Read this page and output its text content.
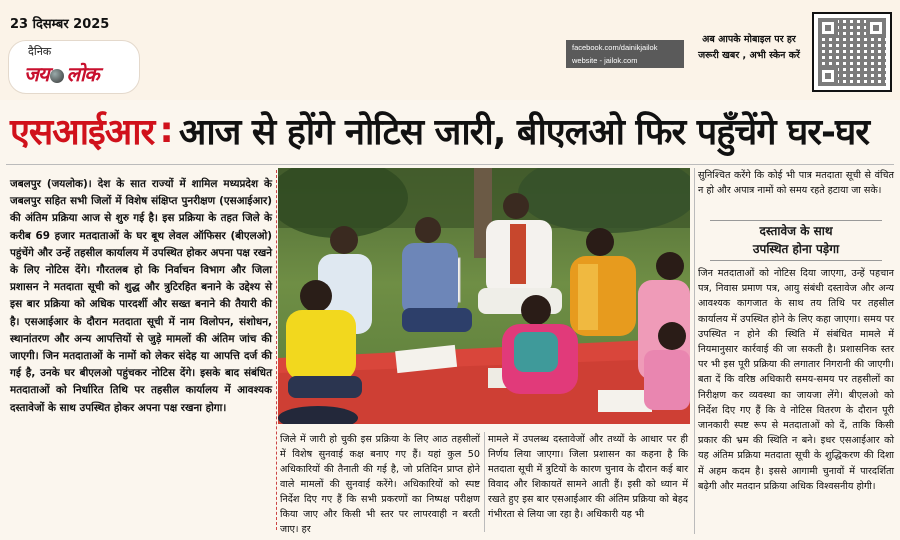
23 दिसम्बर 2025
दैनिक
जय लोक
facebook.com/dainikjailok
website - jailok.com
अब आपके मोबाइल पर हर
जरूरी खबर , अभी स्केन करें
एसआईआर : आज से होंगे नोटिस जारी, बीएलओ फिर पहुँचेंगे घर-घर
जबलपुर (जयलोक)। देश के सात राज्यों में शामिल मध्यप्रदेश के जबलपुर सहित सभी जिलों में विशेष संक्षिप्त पुनरीक्षण (एसआईआर) की अंतिम प्रक्रिया आज से शुरु गई है। इस प्रक्रिया के तहत जिले के करीब 69 हजार मतदाताओं के घर बूथ लेवल ऑफिसर (बीएलओ) पहुंचेंगे और उन्हें तहसील कार्यालय में उपस्थित होकर अपना पक्ष रखने के लिए नोटिस देंगे। गौरतलब हो कि निर्वाचन विभाग और जिला प्रशासन ने मतदाता सूची को शुद्ध और त्रुटिरहित बनाने के उद्देश्य से इस बार प्रक्रिया को अधिक पारदर्शी और सख्त बनाने की तैयारी की है। एसआईआर के दौरान मतदाता सूची में नाम विलोपन, संशोधन, स्थानांतरण और अन्य आपत्तियों से जुड़े मामलों की अंतिम जांच की जाएगी। जिन मतदाताओं के नामों को लेकर संदेह या आपत्ति दर्ज की गई है, उनके घर बीएलओ पहुंचकर नोटिस देंगे। इसके बाद संबंधित मतदाताओं को निर्धारित तिथि पर तहसील कार्यालय में आवश्यक दस्तावेजों के साथ उपस्थित होकर अपना पक्ष रखना होगा।
जिले में जारी हो चुकी इस प्रक्रिया के लिए आठ तहसीलों में विशेष सुनवाई कक्ष बनाए गए हैं। यहां कुल 50 अधिकारियों की तैनाती की गई है, जो प्रतिदिन प्राप्त होने वाले मामलों की सुनवाई करेंगे। अधिकारियों को स्पष्ट निर्देश दिए गए हैं कि सभी प्रकरणों का निष्पक्ष परीक्षण किया जाए और किसी भी स्तर पर लापरवाही न बरती जाए। हर
मामले में उपलब्ध दस्तावेजों और तथ्यों के आधार पर ही निर्णय लिया जाएगा। जिला प्रशासन का कहना है कि मतदाता सूची में त्रुटियों के कारण चुनाव के दौरान कई बार विवाद और शिकायतें सामने आती हैं। इसी को ध्यान में रखते हुए इस बार एसआईआर की अंतिम प्रक्रिया को बेहद गंभीरता से लिया जा रहा है। अधिकारी यह भी
सुनिश्चित करेंगे कि कोई भी पात्र मतदाता सूची से वंचित न हो और अपात्र नामों को समय रहते हटाया जा सके।
दस्तावेज के साथ
उपस्थित होना पड़ेगा
जिन मतदाताओं को नोटिस दिया जाएगा, उन्हें पहचान पत्र, निवास प्रमाण पत्र, आयु संबंधी दस्तावेज और अन्य आवश्यक कागजात के साथ तय तिथि पर तहसील कार्यालय में उपस्थित होने के लिए कहा जाएगा। समय पर उपस्थित न होने की स्थिति में संबंधित मामले में नियमानुसार कार्रवाई की जा सकती है। प्रशासनिक स्तर पर भी इस पूरी प्रक्रिया की लगातार निगरानी की जाएगी। बता दें कि वरिष्ठ अधिकारी समय-समय पर तहसीलों का निरीक्षण कर व्यवस्था का जायजा लेंगे। बीएलओ को निर्देश दिए गए हैं कि वे नोटिस वितरण के दौरान पूरी जानकारी स्पष्ट रूप से मतदाताओं को दें, ताकि किसी प्रकार की भ्रम की स्थिति न बने। इधर एसआईआर को यह अंतिम प्रक्रिया मतदाता सूची के शुद्धिकरण की दिशा में अहम कदम है। इससे आगामी चुनावों में पारदर्शिता बढ़ेगी और मतदान प्रक्रिया अधिक विश्वसनीय होगी।
